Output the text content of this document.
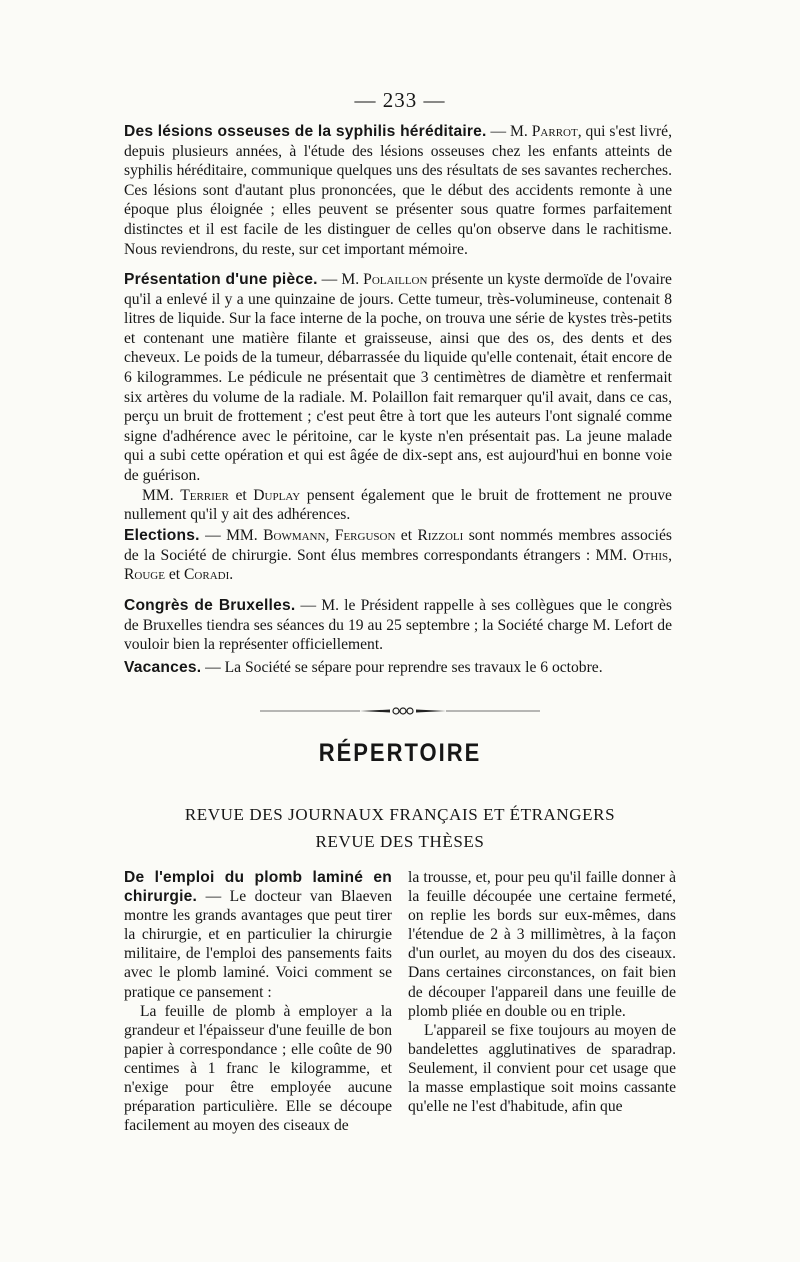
— 233 —

Des lésions osseuses de la syphilis héréditaire. — M. Parrot, qui s'est livré, depuis plusieurs années, à l'étude des lésions osseuses chez les enfants atteints de syphilis héréditaire, communique quelques uns des résultats de ses savantes recherches. Ces lésions sont d'autant plus prononcées, que le début des accidents remonte à une époque plus éloignée ; elles peuvent se présenter sous quatre formes parfaitement distinctes et il est facile de les distinguer de celles qu'on observe dans le rachitisme. Nous reviendrons, du reste, sur cet important mémoire.

Présentation d'une pièce. — M. Polaillon présente un kyste dermoïde de l'ovaire qu'il a enlevé il y a une quinzaine de jours. Cette tumeur, très-volumineuse, contenait 8 litres de liquide. Sur la face interne de la poche, on trouva une série de kystes très-petits et contenant une matière filante et graisseuse, ainsi que des os, des dents et des cheveux. Le poids de la tumeur, débarrassée du liquide qu'elle contenait, était encore de 6 kilogrammes. Le pédicule ne présentait que 3 centimètres de diamètre et renfermait six artères du volume de la radiale. M. Polaillon fait remarquer qu'il avait, dans ce cas, perçu un bruit de frottement ; c'est peut être à tort que les auteurs l'ont signalé comme signe d'adhérence avec le péritoine, car le kyste n'en présentait pas. La jeune malade qui a subi cette opération et qui est âgée de dix-sept ans, est aujourd'hui en bonne voie de guérison.

MM. Terrier et Duplay pensent également que le bruit de frottement ne prouve nullement qu'il y ait des adhérences.

Elections. — MM. Bowmann, Ferguson et Rizzoli sont nommés membres associés de la Société de chirurgie. Sont élus membres correspondants étrangers : MM. Othis, Rouge et Coradi.

Congrès de Bruxelles. — M. le Président rappelle à ses collègues que le congrès de Bruxelles tiendra ses séances du 19 au 25 septembre ; la Société charge M. Lefort de vouloir bien la représenter officiellement.

Vacances. — La Société se sépare pour reprendre ses travaux le 6 octobre.

RÉPERTOIRE
REVUE DES JOURNAUX FRANÇAIS ET ÉTRANGERS
REVUE DES THÈSES

De l'emploi du plomb laminé en chirurgie. — Le docteur van Blaeven montre les grands avantages que peut tirer la chirurgie, et en particulier la chirurgie militaire, de l'emploi des pansements faits avec le plomb laminé. Voici comment se pratique ce pansement :

La feuille de plomb à employer a la grandeur et l'épaisseur d'une feuille de bon papier à correspondance ; elle coûte de 90 centimes à 1 franc le kilogramme, et n'exige pour être employée aucune préparation particulière. Elle se découpe facilement au moyen des ciseaux de

la trousse, et, pour peu qu'il faille donner à la feuille découpée une certaine fermeté, on replie les bords sur eux-mêmes, dans l'étendue de 2 à 3 millimètres, à la façon d'un ourlet, au moyen du dos des ciseaux. Dans certaines circonstances, on fait bien de découper l'appareil dans une feuille de plomb pliée en double ou en triple.

L'appareil se fixe toujours au moyen de bandelettes agglutinatives de sparadrap. Seulement, il convient pour cet usage que la masse emplastique soit moins cassante qu'elle ne l'est d'habitude, afin que
